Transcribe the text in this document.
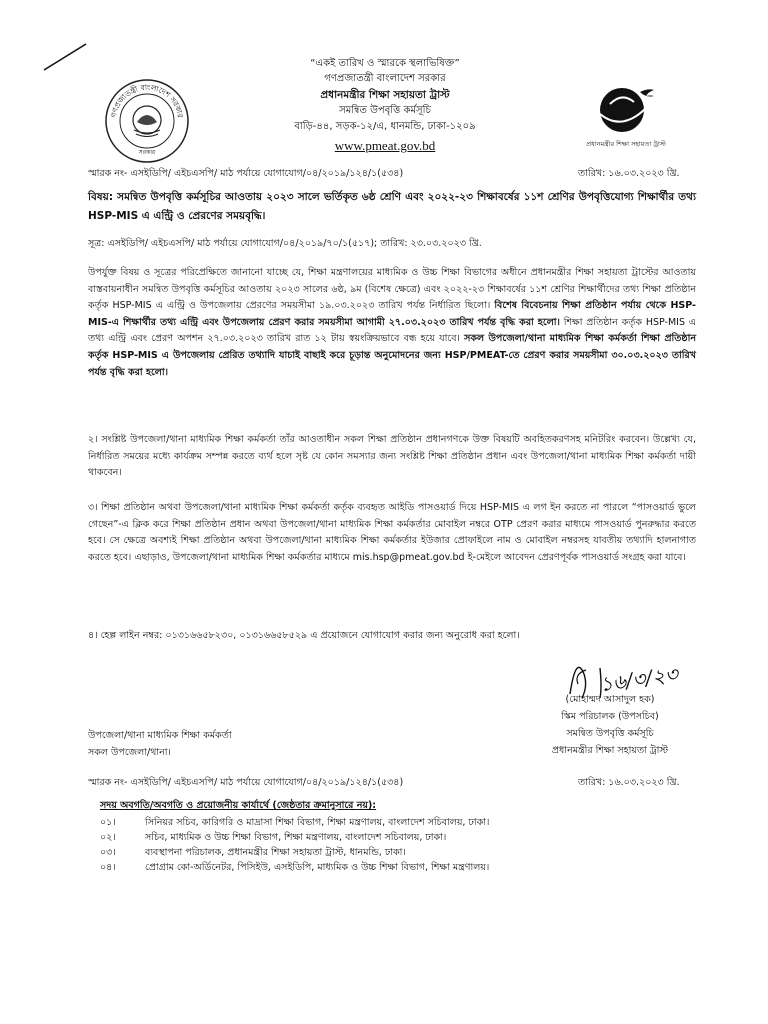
গণপ্রজাতন্ত্রী বাংলাদেশ সরকার
সরকার
প্রধানমন্ত্রীর শিক্ষা সহায়তা ট্রাস্ট
“একই তারিখ ও স্মারকে স্থলাভিষিক্ত”
গণপ্রজাতন্ত্রী বাংলাদেশ সরকার
প্রধানমন্ত্রীর শিক্ষা সহায়তা ট্রাস্ট
সমন্বিত উপবৃত্তি কর্মসূচি
বাড়ি-৪৪, সড়ক-১২/এ, ধানমন্ডি, ঢাকা-১২০৯
www.pmeat.gov.bd
স্মারক নং- এসইডিপি/ এইচএসপি/ মাঠ পর্যায়ে যোগাযোগ/০৪/২০১৯/১২৪/১(৫৩৪)	তারিখ: ১৬.০৩.২০২৩ খ্রি.
বিষয়: সমন্বিত উপবৃত্তি কর্মসূচির আওতায় ২০২৩ সালে ভর্তিকৃত ৬ষ্ঠ শ্রেণি এবং ২০২২-২৩ শিক্ষাবর্ষের ১১শ শ্রেণির উপবৃত্তিযোগ্য শিক্ষার্থীর তথ্য HSP-MIS এ এন্ট্রি ও প্রেরণের সময়বৃদ্ধি।
সূত্র: এসইডিপি/ এইচএসপি/ মাঠ পর্যায়ে যোগাযোগ/০৪/২০১৯/৭০/১(৫১৭); তারিখ: ২৩.০৩.২০২৩ খ্রি.
উপর্যুক্ত বিষয় ও সূত্রের পরিপ্রেক্ষিতে জানানো যাচ্ছে যে, শিক্ষা মন্ত্রণালয়ের মাধ্যমিক ও উচ্চ শিক্ষা বিভাগের অধীনে প্রধানমন্ত্রীর শিক্ষা সহায়তা ট্রাস্টের আওতায় বাস্তবায়নাধীন সমন্বিত উপবৃত্তি কর্মসূচির আওতায় ২০২৩ সালের ৬ষ্ঠ, ৯ম (বিশেষ ক্ষেত্রে) এবং ২০২২-২৩ শিক্ষাবর্ষের ১১শ শ্রেণির শিক্ষার্থীদের তথ্য শিক্ষা প্রতিষ্ঠান কর্তৃক HSP-MIS এ এন্ট্রি ও উপজেলায় প্রেরণের সময়সীমা ১৯.০৩.২০২৩ তারিখ পর্যন্ত নির্ধারিত ছিলো। বিশেষ বিবেচনায় শিক্ষা প্রতিষ্ঠান পর্যায় থেকে HSP-MIS-এ শিক্ষার্থীর তথ্য এন্ট্রি এবং উপজেলায় প্রেরণ করার সময়সীমা আগামী ২৭.০৩.২০২৩ তারিখ পর্যন্ত বৃদ্ধি করা হলো। শিক্ষা প্রতিষ্ঠান কর্তৃক HSP-MIS এ তথ্য এন্ট্রি এবং প্রেরণ অপশন ২৭.০৩.২০২৩ তারিখ রাত ১২ টায় স্বয়ংক্রিয়ভাবে বন্ধ হয়ে যাবে। সকল উপজেলা/থানা মাধ্যমিক শিক্ষা কর্মকর্তা শিক্ষা প্রতিষ্ঠান কর্তৃক HSP-MIS এ উপজেলায় প্রেরিত তথ্যাদি যাচাই বাছাই করে চূড়ান্ত অনুমোদনের জন্য HSP/PMEAT-তে প্রেরণ করার সময়সীমা ৩০.০৩.২০২৩ তারিখ পর্যন্ত বৃদ্ধি করা হলো।
২। সংশ্লিষ্ট উপজেলা/থানা মাধ্যমিক শিক্ষা কর্মকর্তা তাঁর আওতাধীন সকল শিক্ষা প্রতিষ্ঠান প্রধানগণকে উক্ত বিষয়টি অবহিতকরণসহ মনিটরিং করবেন। উল্লেখ্য যে, নির্ধারিত সময়ের মধ্যে কার্যক্রম সম্পন্ন করতে ব্যর্থ হলে সৃষ্ট যে কোন সমস্যার জন্য সংশ্লিষ্ট শিক্ষা প্রতিষ্ঠান প্রধান এবং উপজেলা/থানা মাধ্যমিক শিক্ষা কর্মকর্তা দায়ী থাকবেন।
৩। শিক্ষা প্রতিষ্ঠান অথবা উপজেলা/থানা মাধ্যমিক শিক্ষা কর্মকর্তা কর্তৃক ব্যবহৃত আইডি পাসওয়ার্ড দিয়ে HSP-MIS এ লগ ইন করতে না পারলে “পাসওয়ার্ড ভুলে গেছেন”-এ ক্লিক করে শিক্ষা প্রতিষ্ঠান প্রধান অথবা উপজেলা/থানা মাধ্যমিক শিক্ষা কর্মকর্তার মোবাইল নম্বরে OTP প্রেরণ করার মাধ্যমে পাসওয়ার্ড পুনরুদ্ধার করতে হবে। সে ক্ষেত্রে অবশ্যই শিক্ষা প্রতিষ্ঠান অথবা উপজেলা/থানা মাধ্যমিক শিক্ষা কর্মকর্তার ইউজার প্রোফাইলে নাম ও মোবাইল নম্বরসহ যাবতীয় তথ্যাদি হালনাগাত করতে হবে। এছাড়াও, উপজেলা/থানা মাধ্যমিক শিক্ষা কর্মকর্তার মাধ্যমে mis.hsp@pmeat.gov.bd ই-মেইলে আবেদন প্রেরণপূর্বক পাসওয়ার্ড সংগ্রহ করা যাবে।
৪। হেল্প লাইন নম্বর: ০১৩১৬৬৫৮২৩০, ০১৩১৬৬৫৮৫২৯ এ প্রয়োজনে যোগাযোগ করার জন্য অনুরোধ করা হলো।
১৬/৩/২৩
(মোহাম্মদ আসাদুল হক)
স্কিম পরিচালক (উপসচিব)
সমন্বিত উপবৃত্তি কর্মসূচি
প্রধানমন্ত্রীর শিক্ষা সহায়তা ট্রাস্ট
উপজেলা/থানা মাধ্যমিক শিক্ষা কর্মকর্তা
সকল উপজেলা/থানা।
স্মারক নং- এসইডিপি/ এইচএসপি/ মাঠ পর্যায়ে যোগাযোগ/০৪/২০১৯/১২৪/১(৫৩৪)	তারিখ: ১৬.০৩.২০২৩ খ্রি.
সদয় অবগতি/অবগতি ও প্রয়োজনীয় কার্যার্থে (জেষ্ঠতার ক্রমানুসারে নয়):
০১।	সিনিয়র সচিব, কারিগরি ও মাদ্রাসা শিক্ষা বিভাগ, শিক্ষা মন্ত্রণালয়, বাংলাদেশ সচিবালয়, ঢাকা।
০২।	সচিব, মাধ্যমিক ও উচ্চ শিক্ষা বিভাগ, শিক্ষা মন্ত্রণালয়, বাংলাদেশ সচিবালয়, ঢাকা।
০৩।	ব্যবস্থাপনা পরিচালক, প্রধানমন্ত্রীর শিক্ষা সহায়তা ট্রাস্ট, ধানমন্ডি, ঢাকা।
০৪।	প্রোগ্রাম কো-অর্ডিনেটর, পিসিইউ, এসইডিপি, মাধ্যমিক ও উচ্চ শিক্ষা বিভাগ, শিক্ষা মন্ত্রণালয়।
